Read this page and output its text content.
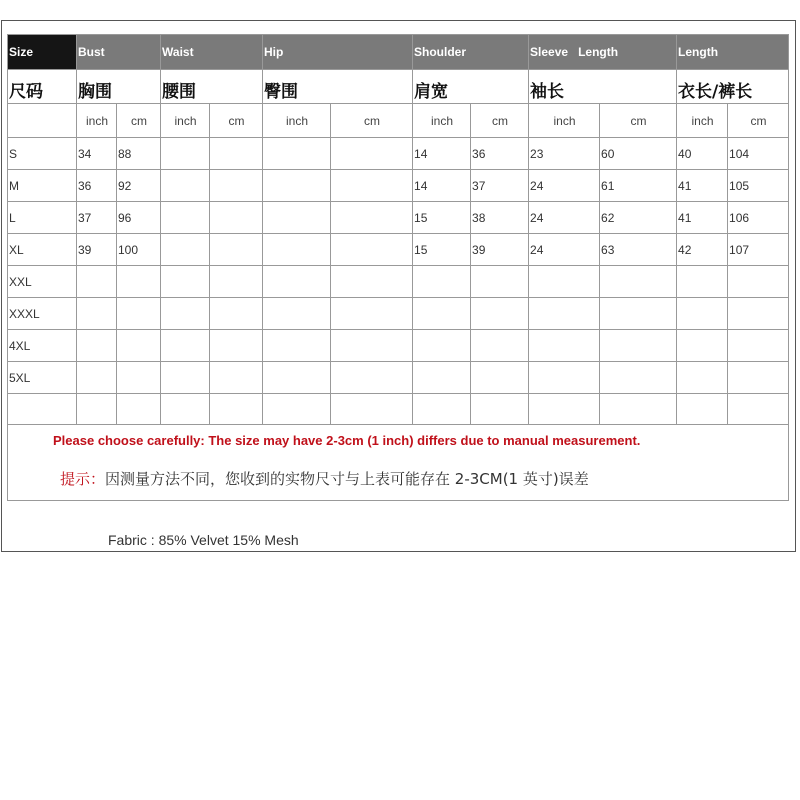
Size	Bust		Waist		Hip		Shoulder		Sleeve   Length		Length	
尺码	胸围		腰围		臀围		肩宽		袖长		衣长/裤长	
	inch	cm	inch	cm	inch	cm	inch	cm	inch	cm	inch	cm
S	34	88					14	36	23	60	40	104
M	36	92					14	37	24	61	41	105
L	37	96					15	38	24	62	41	106
XL	39	100					15	39	24	63	42	107
XXL												
XXXL												
4XL												
5XL												

Please choose carefully: The size may have 2-3cm (1 inch) differs due to manual measurement.
提示：因测量方法不同，您收到的实物尺寸与上表可能存在 2-3CM(1 英寸)误差
Fabric : 85% Velvet 15% Mesh
